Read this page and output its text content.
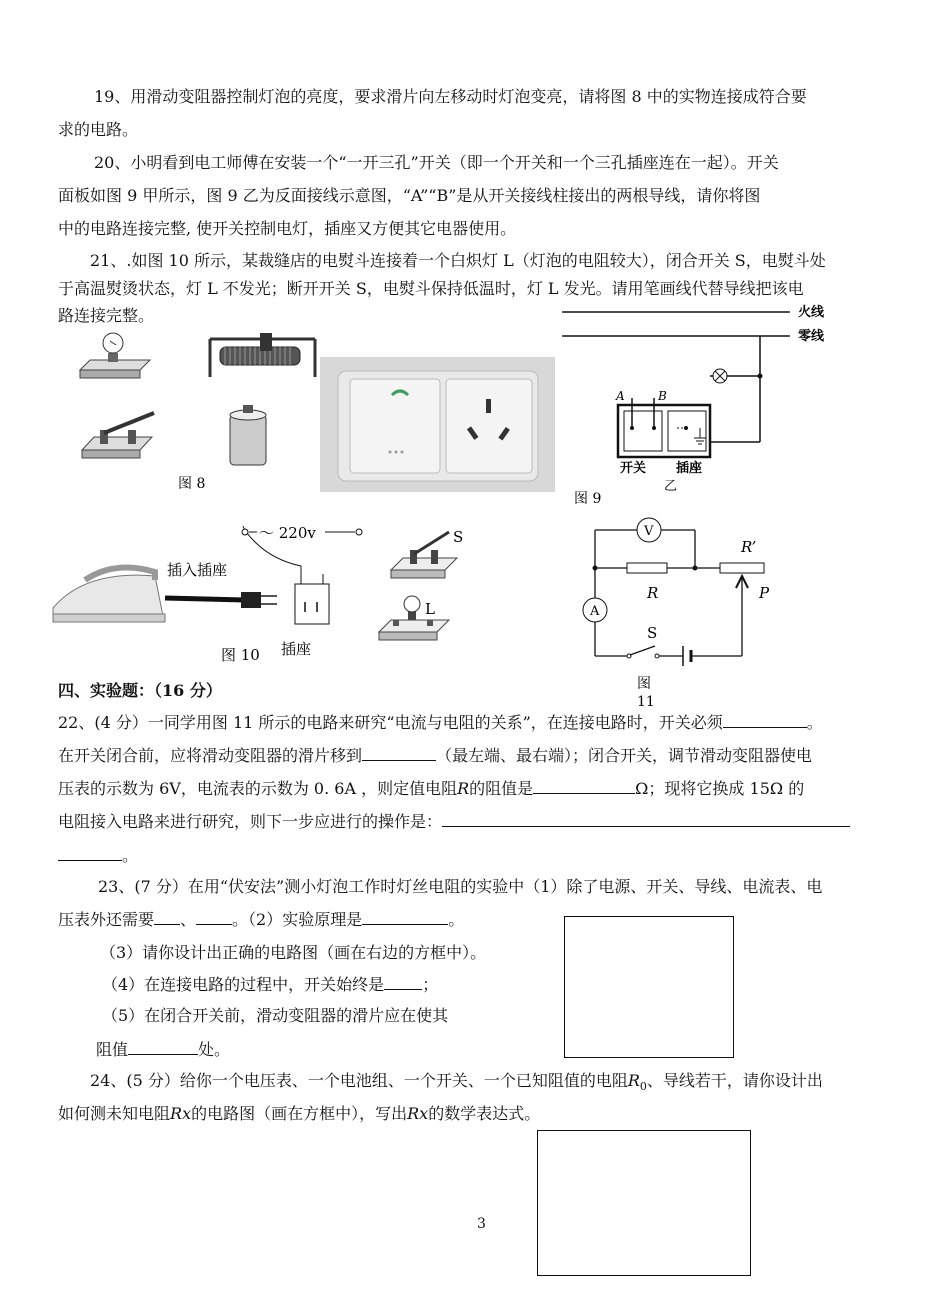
19、用滑动变阻器控制灯泡的亮度，要求滑片向左移动时灯泡变亮，请将图 8 中的实物连接成符合要
求的电路。
20、小明看到电工师傅在安装一个“一开三孔”开关（即一个开关和一个三孔插座连在一起）。开关
面板如图 9 甲所示，图 9 乙为反面接线示意图，“A”“B”是从开关接线柱接出的两根导线，请你将图
中的电路连接完整, 使开关控制电灯，插座又方便其它电器使用。
21、.如图 10 所示，某裁缝店的电熨斗连接着一个白炽灯 L（灯泡的电阻较大），闭合开关 S，电熨斗处
于高温熨烫状态，灯 L 不发光；断开开关 S，电熨斗保持低温时，灯 L 发光。请用笔画线代替导线把该电
路连接完整。
图 8
火线
零线
A	B
开关 插座
乙
图 9
插入插座
～ 220v
插座
图 10
S
L
V
R
R’
P
A
S
图
11
四、实验题：（16 分）
22、(4 分）一同学用图 11 所示的电路来研究“电流与电阻的关系”，在连接电路时，开关必须	。
在开关闭合前，应将滑动变阻器的滑片移到	（最左端、最右端）；闭合开关，调节滑动变阻器使电
压表的示数为 6V，电流表的示数为 0. 6A ，则定值电阻R的阻值是	Ω；现将它换成 15Ω 的
电阻接入电路来进行研究，则下一步应进行的操作是：
。
23、(7 分）在用“伏安法”测小灯泡工作时灯丝电阻的实验中（1）除了电源、开关、导线、电流表、电
压表外还需要 、 。（2）实验原理是	。
（3）请你设计出正确的电路图（画在右边的方框中）。
（4）在连接电路的过程中，开关始终是 ；
（5）在闭合开关前，滑动变阻器的滑片应在使其
阻值	处。
24、(5 分）给你一个电压表、一个电池组、一个开关、一个已知阻值的电阻$R_0$、导线若干，请你设计出
如何测未知电阻Rx的电路图（画在方框中），写出Rx的数学表达式。
3
